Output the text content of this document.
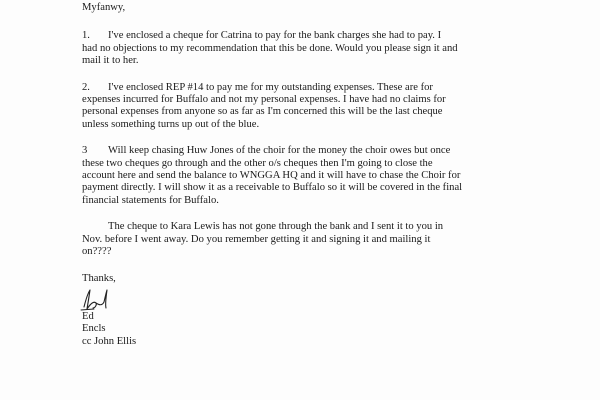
Myfanwy,

1. I've enclosed a cheque for Catrina to pay for the bank charges she had to pay. I
had no objections to my recommendation that this be done. Would you please sign it and
mail it to her.
2. I've enclosed REP #14 to pay me for my outstanding expenses. These are for
expenses incurred for Buffalo and not my personal expenses. I have had no claims for
personal expenses from anyone so as far as I'm concerned this will be the last cheque
unless something turns up out of the blue.
3 Will keep chasing Huw Jones of the choir for the money the choir owes but once
these two cheques go through and the other o/s cheques then I'm going to close the
account here and send the balance to WNGGA HQ and it will have to chase the Choir for
payment directly. I will show it as a receivable to Buffalo so it will be covered in the final
financial statements for Buffalo.
The cheque to Kara Lewis has not gone through the bank and I sent it to you in
Nov. before I went away. Do you remember getting it and signing it and mailing it
on????

Thanks,

Ed

Encls

cc John Ellis
